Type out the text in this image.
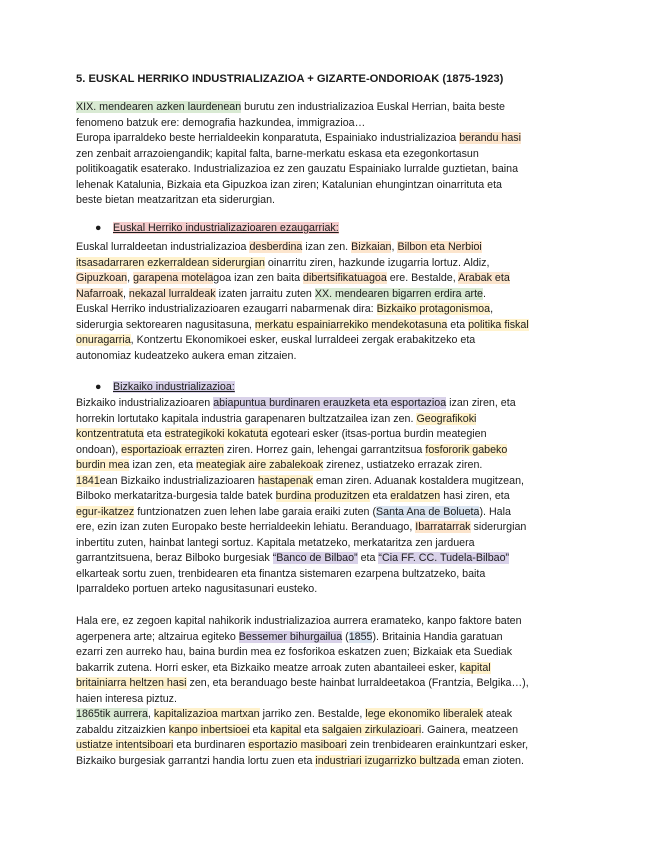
5. EUSKAL HERRIKO INDUSTRIALIZAZIOA + GIZARTE-ONDORIOAK (1875-1923)
XIX. mendearen azken laurdenean burutu zen industrializazioa Euskal Herrian, baita beste
fenomeno batzuk ere: demografia hazkundea, immigrazioa…
Europa iparraldeko beste herrialdeekin konparatuta, Espainiako industrializazioa berandu hasi
zen zenbait arrazoiengandik; kapital falta, barne-merkatu eskasa eta ezegonkortasun
politikoagatik esaterako. Industrializazioa ez zen gauzatu Espainiako lurralde guztietan, baina
lehenak Katalunia, Bizkaia eta Gipuzkoa izan ziren; Katalunian ehungintzan oinarrituta eta
beste bietan meatzaritzan eta siderurgian.
● Euskal Herriko industrializazioaren ezaugarriak:
Euskal lurraldeetan industrializazioa desberdina izan zen. Bizkaian, Bilbon eta Nerbioi
itsasadarraren ezkerraldean siderurgian oinarritu ziren, hazkunde izugarria lortuz. Aldiz,
Gipuzkoan, garapena motelagoa izan zen baita dibertsifikatuagoa ere. Bestalde, Arabak eta
Nafarroak, nekazal lurraldeak izaten jarraitu zuten XX. mendearen bigarren erdira arte.
Euskal Herriko industrializazioaren ezaugarri nabarmenak dira: Bizkaiko protagonismoa,
siderurgia sektorearen nagusitasuna, merkatu espainiarrekiko mendekotasuna eta politika fiskal
onuragarria, Kontzertu Ekonomikoei esker, euskal lurraldeei zergak erabakitzeko eta
autonomiaz kudeatzeko aukera eman zitzaien.
● Bizkaiko industrializazioa:
Bizkaiko industrializazioaren abiapuntua burdinaren erauzketa eta esportazioa izan ziren, eta
horrekin lortutako kapitala industria garapenaren bultzatzailea izan zen. Geografikoki
kontzentratuta eta estrategikoki kokatuta egoteari esker (itsas-portua burdin meategien
ondoan), esportazioak errazten ziren. Horrez gain, lehengai garrantzitsua fosfororik gabeko
burdin mea izan zen, eta meategiak aire zabalekoak zirenez, ustiatzeko errazak ziren.
1841ean Bizkaiko industrializazioaren hastapenak eman ziren. Aduanak kostaldera mugitzean,
Bilboko merkataritza-burgesia talde batek burdina produzitzen eta eraldatzen hasi ziren, eta
egur-ikatzez funtzionatzen zuen lehen labe garaia eraiki zuten (Santa Ana de Bolueta). Hala
ere, ezin izan zuten Europako beste herrialdeekin lehiatu. Beranduago, Ibarratarrak siderurgian
inbertitu zuten, hainbat lantegi sortuz. Kapitala metatzeko, merkataritza zen jarduera
garrantzitsuena, beraz Bilboko burgesiak “Banco de Bilbao” eta “Cia FF. CC. Tudela-Bilbao”
elkarteak sortu zuen, trenbidearen eta finantza sistemaren ezarpena bultzatzeko, baita
Iparraldeko portuen arteko nagusitasunari eusteko.
Hala ere, ez zegoen kapital nahikorik industrializazioa aurrera eramateko, kanpo faktore baten
agerpenera arte; altzairua egiteko Bessemer bihurgailua (1855). Britainia Handia garatuan
ezarri zen aurreko hau, baina burdin mea ez fosforikoa eskatzen zuen; Bizkaiak eta Suediak
bakarrik zutena. Horri esker, eta Bizkaiko meatze arroak zuten abantaileei esker, kapital
britainiarra heltzen hasi zen, eta beranduago beste hainbat lurraldeetakoa (Frantzia, Belgika…),
haien interesa piztuz.
1865tik aurrera, kapitalizazioa martxan jarriko zen. Bestalde, lege ekonomiko liberalek ateak
zabaldu zitzaizkien kanpo inbertsioei eta kapital eta salgaien zirkulazioari. Gainera, meatzeen
ustiatze intentsiboari eta burdinaren esportazio masiboari zein trenbidearen erainkuntzari esker,
Bizkaiko burgesiak garrantzi handia lortu zuen eta industriari izugarrizko bultzada eman zioten.
